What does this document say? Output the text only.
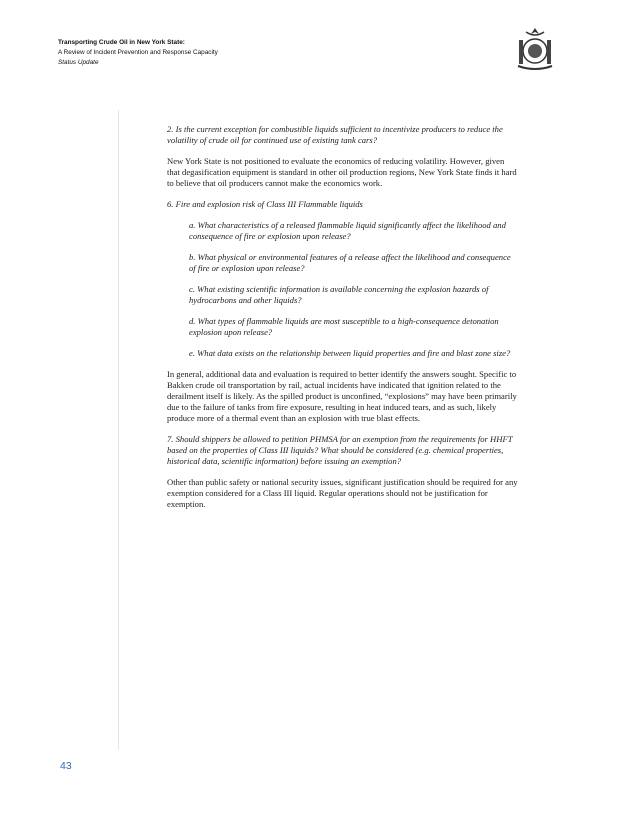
Transporting Crude Oil in New York State:
A Review of Incident Prevention and Response Capacity
Status Update
2. Is the current exception for combustible liquids sufficient to incentivize producers to reduce the volatility of crude oil for continued use of existing tank cars?
New York State is not positioned to evaluate the economics of reducing volatility. However, given that degasification equipment is standard in other oil production regions, New York State finds it hard to believe that oil producers cannot make the economics work.
6. Fire and explosion risk of Class III Flammable liquids
a. What characteristics of a released flammable liquid significantly affect the likelihood and consequence of fire or explosion upon release?
b. What physical or environmental features of a release affect the likelihood and consequence of fire or explosion upon release?
c. What existing scientific information is available concerning the explosion hazards of hydrocarbons and other liquids?
d. What types of flammable liquids are most susceptible to a high-consequence detonation explosion upon release?
e. What data exists on the relationship between liquid properties and fire and blast zone size?
In general, additional data and evaluation is required to better identify the answers sought. Specific to Bakken crude oil transportation by rail, actual incidents have indicated that ignition related to the derailment itself is likely. As the spilled product is unconfined, “explosions” may have been primarily due to the failure of tanks from fire exposure, resulting in heat induced tears, and as such, likely produce more of a thermal event than an explosion with true blast effects.
7. Should shippers be allowed to petition PHMSA for an exemption from the requirements for HHFT based on the properties of Class III liquids? What should be considered (e.g. chemical properties, historical data, scientific information) before issuing an exemption?
Other than public safety or national security issues, significant justification should be required for any exemption considered for a Class III liquid. Regular operations should not be justification for exemption.
43
